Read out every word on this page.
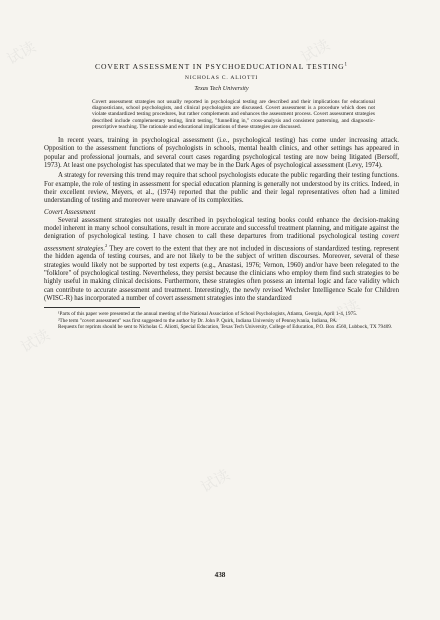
试读
试读
试读
试读
试读
试读
COVERT ASSESSMENT IN PSYCHOEDUCATIONAL TESTING$^1$
NICHOLAS C. ALIOTTI
Texas Tech University
Covert assessment strategies not usually reported in psychological testing are described and their implications for educational diagnosticians, school psychologists, and clinical psychologists are discussed. Covert assessment is a procedure which does not violate standardized testing procedures, but rather complements and enhances the assessment process. Covert assessment strategies described include complementary testing, limit testing, "funnelling in," cross-analysis and consistent patterning, and diagnostic-prescriptive teaching. The rationale and educational implications of these strategies are discussed.

In recent years, training in psychological assessment (i.e., psychological testing) has come under increasing attack. Opposition to the assessment functions of psychologists in schools, mental health clinics, and other settings has appeared in popular and professional journals, and several court cases regarding psychological testing are now being litigated (Bersoff, 1973). At least one psychologist has speculated that we may be in the Dark Ages of psychological assessment (Levy, 1974).

A strategy for reversing this trend may require that school psychologists educate the public regarding their testing functions. For example, the role of testing in assessment for special education planning is generally not understood by its critics. Indeed, in their excellent review, Meyers, et al., (1974) reported that the public and their legal representatives often had a limited understanding of testing and moreover were unaware of its complexities.

Covert Assessment

Several assessment strategies not usually described in psychological testing books could enhance the decision-making model inherent in many school consultations, result in more accurate and successful treatment planning, and mitigate against the denigration of psychological testing. I have chosen to call these departures from traditional psychological testing covert assessment strategies.$^2$ They are covert to the extent that they are not included in discussions of standardized testing, represent the hidden agenda of testing courses, and are not likely to be the subject of written discourses. Moreover, several of these strategies would likely not be supported by test experts (e.g., Anastasi, 1976; Vernon, 1960) and/or have been relegated to the "folklore" of psychological testing. Nevertheless, they persist because the clinicians who employ them find such strategies to be highly useful in making clinical decisions. Furthermore, these strategies often possess an internal logic and face validity which can contribute to accurate assessment and treatment. Interestingly, the newly revised Wechsler Intelligence Scale for Children (WISC-R) has incorporated a number of covert assessment strategies into the standardized

¹Parts of this paper were presented at the annual meeting of the National Association of School Psychologists, Atlanta, Georgia, April 1-4, 1975.

²The term "covert assessment" was first suggested to the author by Dr. John P. Quirk, Indiana University of Pennsylvania, Indiana, PA.

Requests for reprints should be sent to Nicholas C. Aliotti, Special Education, Texas Tech University, College of Education, P.O. Box 4560, Lubbock, TX 79409.

438
